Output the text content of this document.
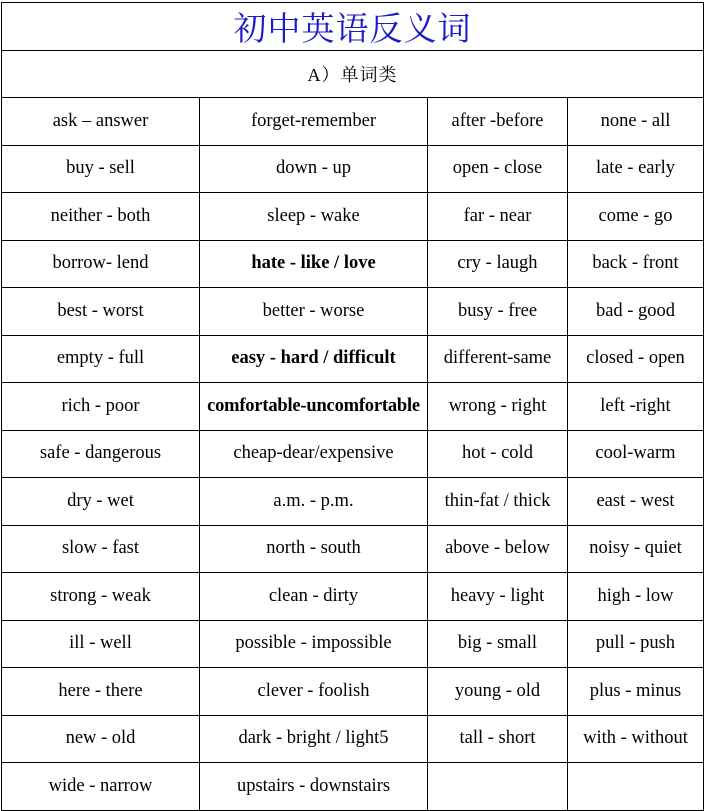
初中英语反义词			
A）单词类			
ask – answer	forget-remember	after -before	none - all
buy - sell	down - up	open - close	late - early
neither - both	sleep - wake	far - near	come - go
borrow- lend	hate - like / love	cry - laugh	back - front
best - worst	better - worse	busy - free	bad - good
empty - full	easy - hard / difficult	different-same	closed - open
rich - poor	comfortable-uncomfortable	wrong - right	left -right
safe - dangerous	cheap-dear/expensive	hot - cold	cool-warm
dry - wet	a.m. - p.m.	thin-fat / thick	east - west
slow - fast	north - south	above - below	noisy - quiet
strong - weak	clean - dirty	heavy - light	high - low
ill - well	possible - impossible	big - small	pull - push
here - there	clever - foolish	young - old	plus - minus
new - old	dark - bright / light5	tall - short	with - without
wide - narrow	upstairs - downstairs		
